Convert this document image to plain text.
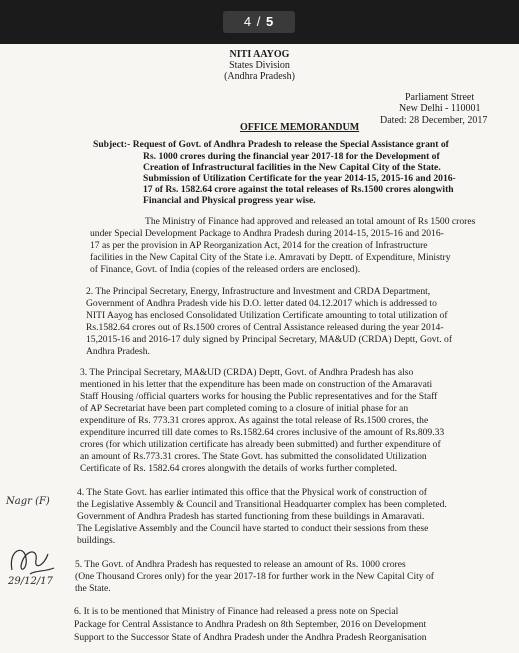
4 / 5
NITI AAYOG
States Division
(Andhra Pradesh)
Parliament Street
New Delhi - 110001
Dated: 28 December, 2017
OFFICE MEMORANDUM
Subject:- Request of Govt. of Andhra Pradesh to release the Special Assistance grant of
Rs. 1000 crores during the financial year 2017-18 for the Development of
Creation of Infrastructural facilities in the New Capital City of the State.
Submission of Utilization Certificate for the year 2014-15, 2015-16 and 2016-
17 of Rs. 1582.64 crore against the total releases of Rs.1500 crores alongwith
Financial and Physical progress year wise.
The Ministry of Finance had approved and released an total amount of Rs 1500 crores
under Special Development Package to Andhra Pradesh during 2014-15, 2015-16 and 2016-
17 as per the provision in AP Reorganization Act, 2014 for the creation of Infrastructure
facilities in the New Capital City of the State i.e. Amravati by Deptt. of Expenditure, Ministry
of Finance, Govt. of India (copies of the released orders are enclosed).
2. The Principal Secretary, Energy, Infrastructure and Investment and CRDA Department,
Government of Andhra Pradesh vide his D.O. letter dated 04.12.2017 which is addressed to
NITI Aayog has enclosed Consolidated Utilization Certificate amounting to total utilization of
Rs.1582.64 crores out of Rs.1500 crores of Central Assistance released during the year 2014-
15,2015-16 and 2016-17 duly signed by Principal Secretary, MA&UD (CRDA) Deptt, Govt. of
Andhra Pradesh.
3. The Principal Secretary, MA&UD (CRDA) Deptt, Govt. of Andhra Pradesh has also
mentioned in his letter that the expenditure has been made on construction of the Amaravati
Staff Housing /official quarters works for housing the Public representatives and for the Staff
of AP Secretariat have been part completed coming to a closure of initial phase for an
expenditure of Rs. 773.31 crores approx. As against the total release of Rs.1500 crores, the
expenditure incurred till date comes to Rs.1582.64 crores inclusive of the amount of Rs.809.33
crores (for which utilization certificate has already been submitted) and further expenditure of
an amount of Rs.773.31 crores. The State Govt. has submitted the consolidated Utilization
Certificate of Rs. 1582.64 crores alongwith the details of works further completed.
4. The State Govt. has earlier intimated this office that the Physical work of construction of
the Legislative Assembly & Council and Transitional Headquarter complex has been completed.
Government of Andhra Pradesh has started functioning from these buildings in Amaravati.
The Legislative Assembly and the Council have started to conduct their sessions from these
buildings.
5. The Govt. of Andhra Pradesh has requested to release an amount of Rs. 1000 crores
(One Thousand Crores only) for the year 2017-18 for further work in the New Capital City of
the State.
6. It is to be mentioned that Ministry of Finance had released a press note on Special
Package for Central Assistance to Andhra Pradesh on 8th September, 2016 on Development
Support to the Successor State of Andhra Pradesh under the Andhra Pradesh Reorganisation
Nagr (F)
29/12/17
